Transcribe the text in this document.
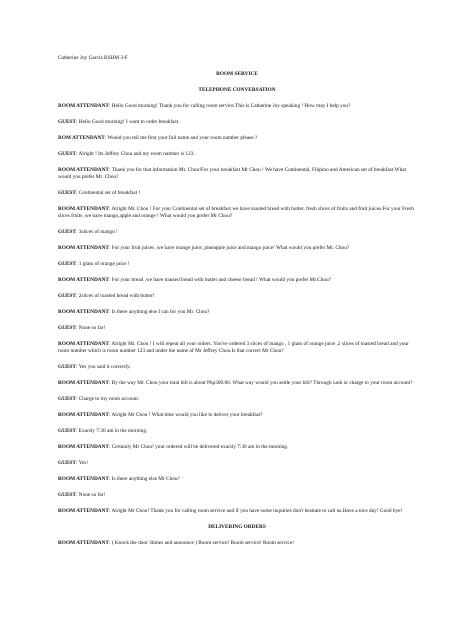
Catherine Joy Garcia BSHM 3-F
ROOM SERVICE
TELEPHONE CONVERSATION
ROOM ATTENDANT: Hello Good morning! Thank you for calling room service.This is Catherine Joy speaking ! How may I help you?
GUEST: Hello Good morning! I want to order breakfast.
ROM ATTENDANT: Would you tell me first your full name and your room number please.?
GUEST: Alright ! Its Jeffrey Chou and my room number is 123.
ROOM ATTENDANT: Thank you for that information Mr. Chou!For your breakfast Mr Chou ! We have Continental, Filipino and American set of breakfast.What would you prefer Mr. Chou?
GUEST: Continental set of breakfast !
ROOM ATTENDANT: Alright Mr. Chou ! For your Continental set of breakfast we have toasted bread with butter, fresh slices of fruits and fruit juices.For your Fresh slices fruits ,we have mango,apple and orange ! What would you prefer Mr Chou?
GUEST: 3slices of mango !
ROOM ATTENDANT: For your fruit juices ,we have orange juice, pineapple juice and mango juice! What would you prefer Mr. Chou?
GUEST: 1 glass of orange juice !
ROOM ATTENDANT: For your bread ,we have toasted bread with butter and cheese bread ! What would you prefer Mr.Chou?
GUEST: 2slices of toasted bread with butter!
ROOM ATTENDANT: Is there anything else I can for you Mr. Chou?
GUEST: None so far!
ROOM ATTENDANT: Alright Mr. Chou ! I will repeat all your orders. You've ordered 3 slices of mango , 1 glass of orange juice ,2 slices of toasted bread and your room number which is room number 123 and under the name of Mr Jeffrey Chou.Is that correct Mr Chou?
GUEST: Yes you said it correctly.
ROOM ATTENDANT: By the way Mr. Chou your total bill is about Php300.00. What way would you settle your bill? Through cash or charge to your room account?
GUEST: Charge to my room account.
ROOM ATTENDANT: Alright Mr Chou ! What time would you like to deliver your breakfast?
GUEST: Exactly 7:30 am in the morning.
ROOM ATTENDANT: Certainly Mr Chou! your ordered will be delivered exactly 7:30 am in the morning.
GUEST: Yes!
ROOM ATTENDANT: Is there anything else Mr Chou?
GUEST: None so far!
ROOM ATTENDANT: Alright Mr Chou! Thank you for calling room service and if you have some inquiries don't hesitate to call us.Have a nice day! Good bye!
DELIVERING ORDERS
ROOM ATTENDANT: ( Knock the door 3times and announce ) Room service! Room service! Room service!
